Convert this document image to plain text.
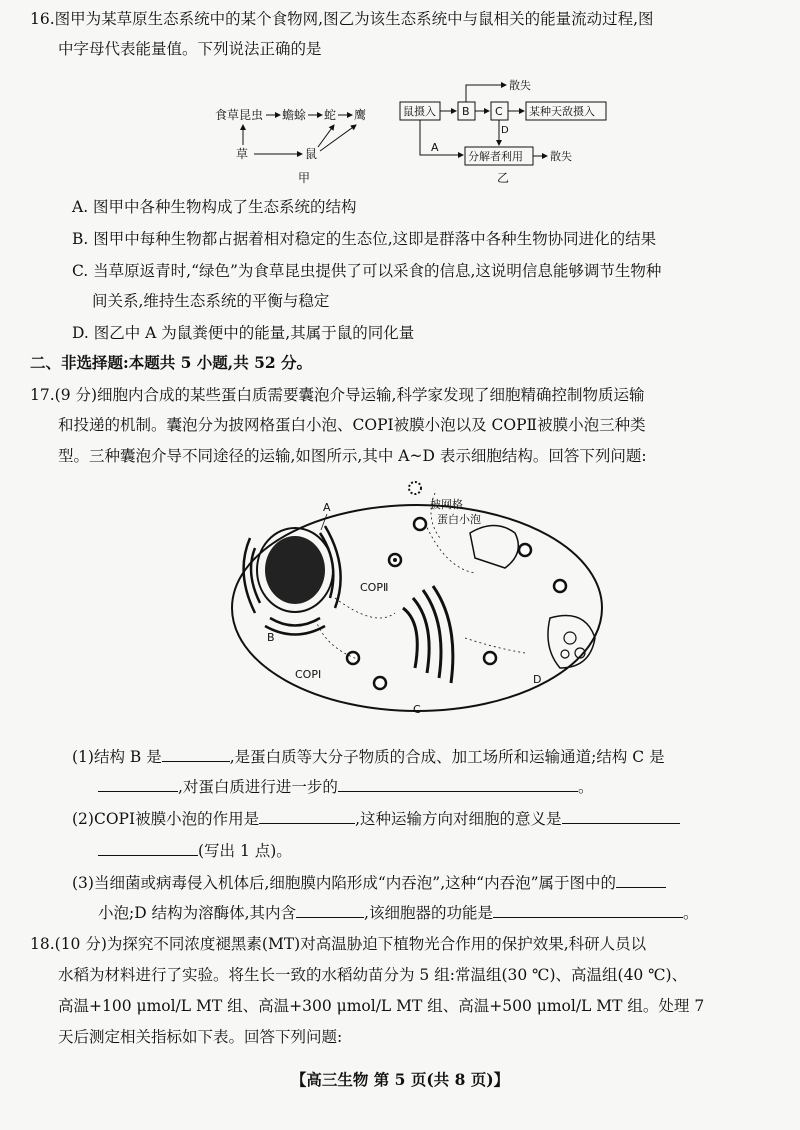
16.图甲为某草原生态系统中的某个食物网,图乙为该生态系统中与鼠相关的能量流动过程,图
中字母代表能量值。下列说法正确的是
食草昆虫 蟾蜍 蛇 鹰
草	鼠
甲
鼠摄入 B C 某种天敌摄入
散失
D
A
分解者利用 散失
乙
A. 图甲中各种生物构成了生态系统的结构
B. 图甲中每种生物都占据着相对稳定的生态位,这即是群落中各种生物协同进化的结果
C. 当草原返青时,“绿色”为食草昆虫提供了可以采食的信息,这说明信息能够调节生物种
间关系,维持生态系统的平衡与稳定
D. 图乙中 A 为鼠粪便中的能量,其属于鼠的同化量
二、非选择题:本题共 5 小题,共 52 分。
17.(9 分)细胞内合成的某些蛋白质需要囊泡介导运输,科学家发现了细胞精确控制物质运输
和投递的机制。囊泡分为披网格蛋白小泡、COPⅠ被膜小泡以及 COPⅡ被膜小泡三种类
型。三种囊泡介导不同途径的运输,如图所示,其中 A~D 表示细胞结构。回答下列问题:
A
B
COPⅡ
C
COPⅠ
披网格
蛋白小泡
D
(1)结构 B 是	,是蛋白质等大分子物质的合成、加工场所和运输通道;结构 C 是
,对蛋白质进行进一步的	。
(2)COPⅠ被膜小泡的作用是	,这种运输方向对细胞的意义是
(写出 1 点)。
(3)当细菌或病毒侵入机体后,细胞膜内陷形成“内吞泡”,这种“内吞泡”属于图中的
小泡;D 结构为溶酶体,其内含	,该细胞器的功能是	。
18.(10 分)为探究不同浓度褪黑素(MT)对高温胁迫下植物光合作用的保护效果,科研人员以
水稻为材料进行了实验。将生长一致的水稻幼苗分为 5 组:常温组(30 ℃)、高温组(40 ℃)、
高温+100 μmol/L MT 组、高温+300 μmol/L MT 组、高温+500 μmol/L MT 组。处理 7
天后测定相关指标如下表。回答下列问题:
【高三生物 第 5 页(共 8 页)】
